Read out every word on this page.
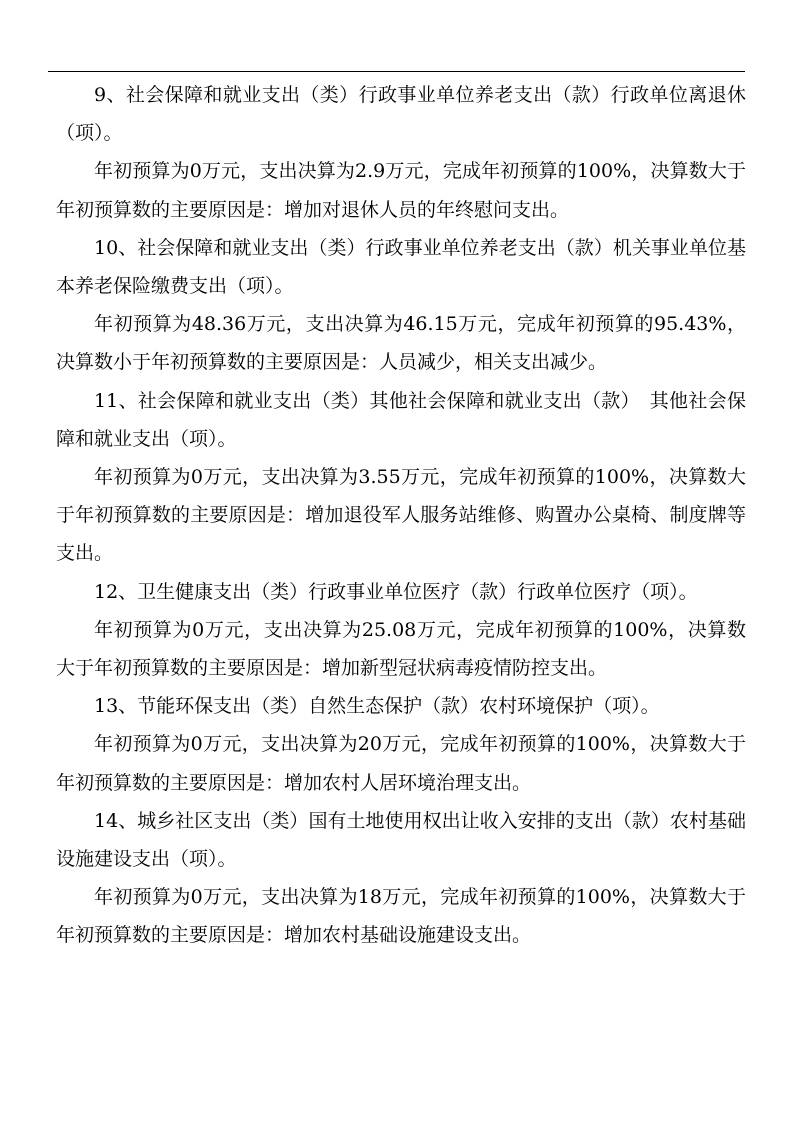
9、社会保障和就业支出（类）行政事业单位养老支出（款）行政单位离退休（项）。

年初预算为0万元，支出决算为2.9万元，完成年初预算的100%，决算数大于年初预算数的主要原因是：增加对退休人员的年终慰问支出。

10、社会保障和就业支出（类）行政事业单位养老支出（款）机关事业单位基本养老保险缴费支出（项）。

年初预算为48.36万元，支出决算为46.15万元，完成年初预算的95.43%，决算数小于年初预算数的主要原因是：人员减少，相关支出减少。

11、社会保障和就业支出（类）其他社会保障和就业支出（款）　其他社会保障和就业支出（项）。

年初预算为0万元，支出决算为3.55万元，完成年初预算的100%，决算数大于年初预算数的主要原因是：增加退役军人服务站维修、购置办公桌椅、制度牌等支出。

12、卫生健康支出（类）行政事业单位医疗（款）行政单位医疗（项）。

年初预算为0万元，支出决算为25.08万元，完成年初预算的100%，决算数大于年初预算数的主要原因是：增加新型冠状病毒疫情防控支出。

13、节能环保支出（类）自然生态保护（款）农村环境保护（项）。

年初预算为0万元，支出决算为20万元，完成年初预算的100%，决算数大于年初预算数的主要原因是：增加农村人居环境治理支出。

14、城乡社区支出（类）国有土地使用权出让收入安排的支出（款）农村基础设施建设支出（项）。

年初预算为0万元，支出决算为18万元，完成年初预算的100%，决算数大于年初预算数的主要原因是：增加农村基础设施建设支出。
